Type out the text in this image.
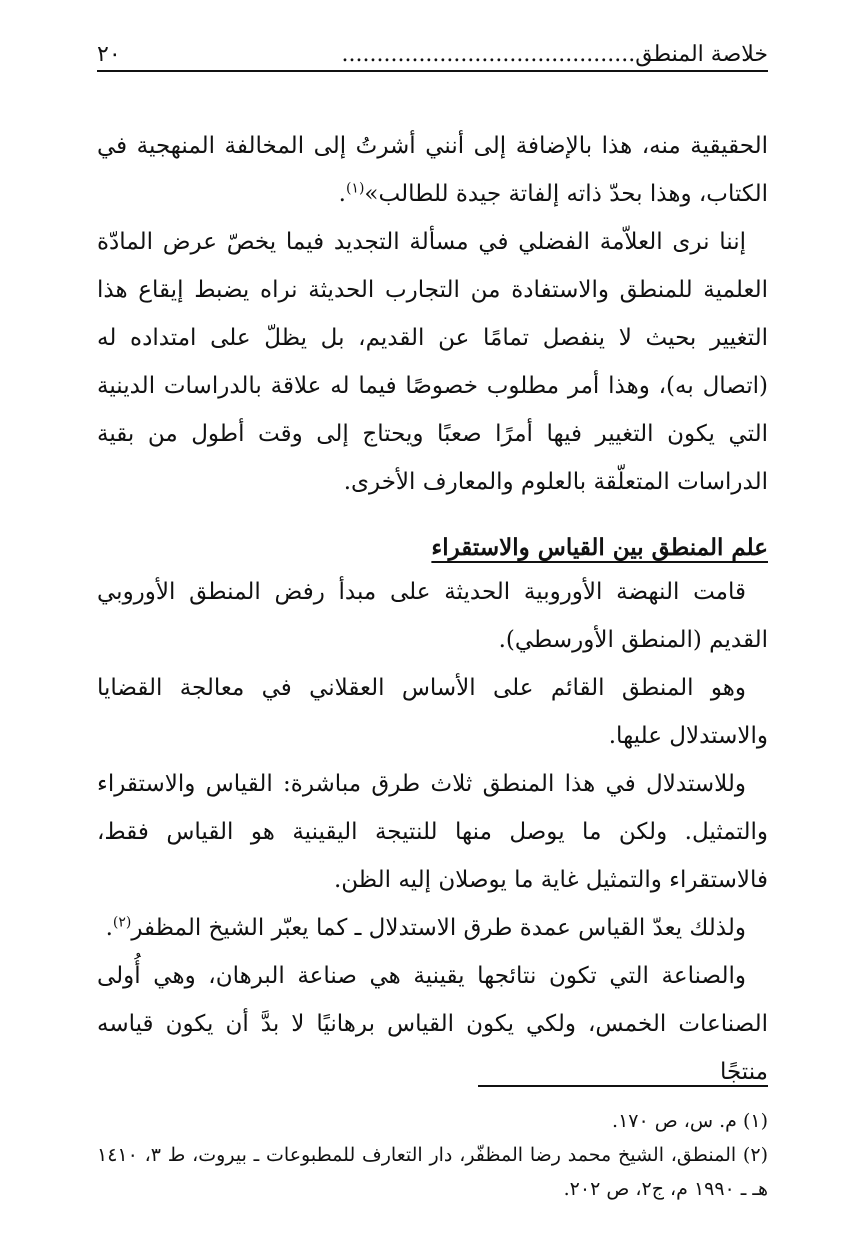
خلاصة المنطق..........................................
٢٠

الحقيقية منه، هذا بالإضافة إلى أنني أشرتُ إلى المخالفة المنهجية في الكتاب، وهذا بحدّ ذاته إلفاتة جيدة للطالب»$^{(١)}$.

إننا نرى العلاّمة الفضلي في مسألة التجديد فيما يخصّ عرض المادّة العلمية للمنطق والاستفادة من التجارب الحديثة نراه يضبط إيقاع هذا التغيير بحيث لا ينفصل تمامًا عن القديم، بل يظلّ على امتداده له (اتصال به)، وهذا أمر مطلوب خصوصًا فيما له علاقة بالدراسات الدينية التي يكون التغيير فيها أمرًا صعبًا ويحتاج إلى وقت أطول من بقية الدراسات المتعلّقة بالعلوم والمعارف الأخرى.

علم المنطق بين القياس والاستقراء

قامت النهضة الأوروبية الحديثة على مبدأ رفض المنطق الأوروبي القديم (المنطق الأورسطي).

وهو المنطق القائم على الأساس العقلاني في معالجة القضايا والاستدلال عليها.

وللاستدلال في هذا المنطق ثلاث طرق مباشرة: القياس والاستقراء والتمثيل. ولكن ما يوصل منها للنتيجة اليقينية هو القياس فقط، فالاستقراء والتمثيل غاية ما يوصلان إليه الظن.

ولذلك يعدّ القياس عمدة طرق الاستدلال ـ كما يعبّر الشيخ المظفر$^{(٢)}$.

والصناعة التي تكون نتائجها يقينية هي صناعة البرهان، وهي أُولى الصناعات الخمس، ولكي يكون القياس برهانيًا لا بدَّ أن يكون قياسه منتجًا

(١) م. س، ص ١٧٠.

(٢) المنطق، الشيخ محمد رضا المظفّر، دار التعارف للمطبوعات ـ بيروت، ط ٣، ١٤١٠ هـ ـ ١٩٩٠ م، ج٢، ص ٢٠٢.
